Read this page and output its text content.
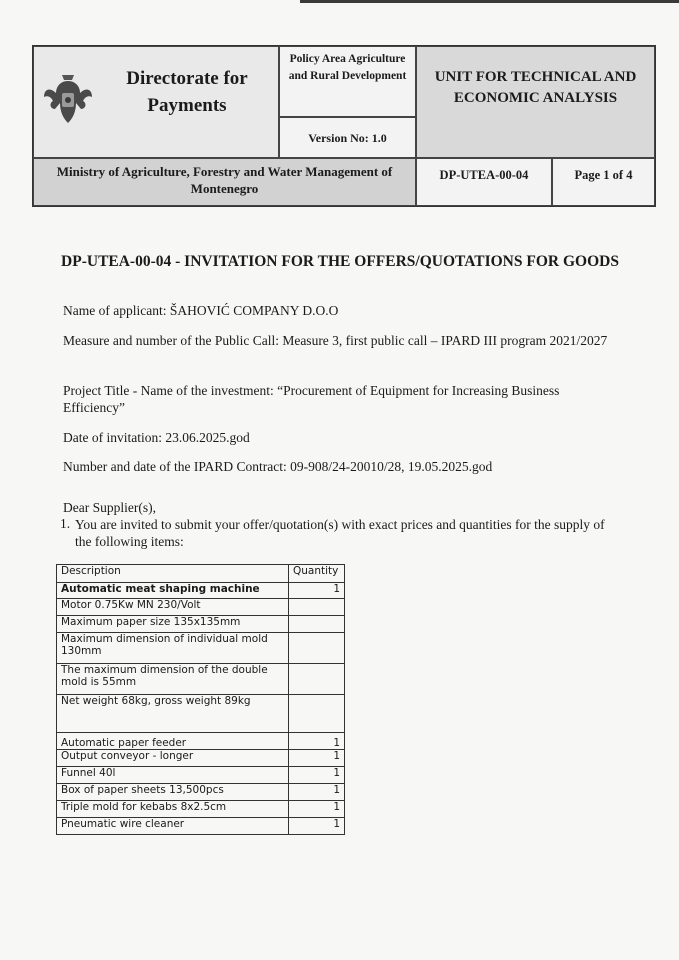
Directorate for Payments
Policy Area Agriculture and Rural Development
Version No: 1.0
UNIT FOR TECHNICAL AND ECONOMIC ANALYSIS
Ministry of Agriculture, Forestry and Water Management of Montenegro
DP-UTEA-00-04	Page 1 of 4
DP-UTEA-00-04 - INVITATION FOR THE OFFERS/QUOTATIONS FOR GOODS
Name of applicant: ŠAHOVIĆ COMPANY D.O.O
Measure and number of the Public Call: Measure 3, first public call – IPARD III program 2021/2027
Project Title - Name of the investment: “Procurement of Equipment for Increasing Business Efficiency”
Date of invitation: 23.06.2025.god
Number and date of the IPARD Contract: 09-908/24-20010/28, 19.05.2025.god
Dear Supplier(s),
1. You are invited to submit your offer/quotation(s) with exact prices and quantities for the supply of the following items:
Description	Quantity
Automatic meat shaping machine	1
Motor 0.75Kw MN 230/Volt	
Maximum paper size 135x135mm	
Maximum dimension of individual mold 130mm	
The maximum dimension of the double mold is 55mm	
Net weight 68kg, gross weight 89kg	
Automatic paper feeder	1
Output conveyor - longer	1
Funnel 40l	1
Box of paper sheets 13,500pcs	1
Triple mold for kebabs 8x2.5cm	1
Pneumatic wire cleaner	1
